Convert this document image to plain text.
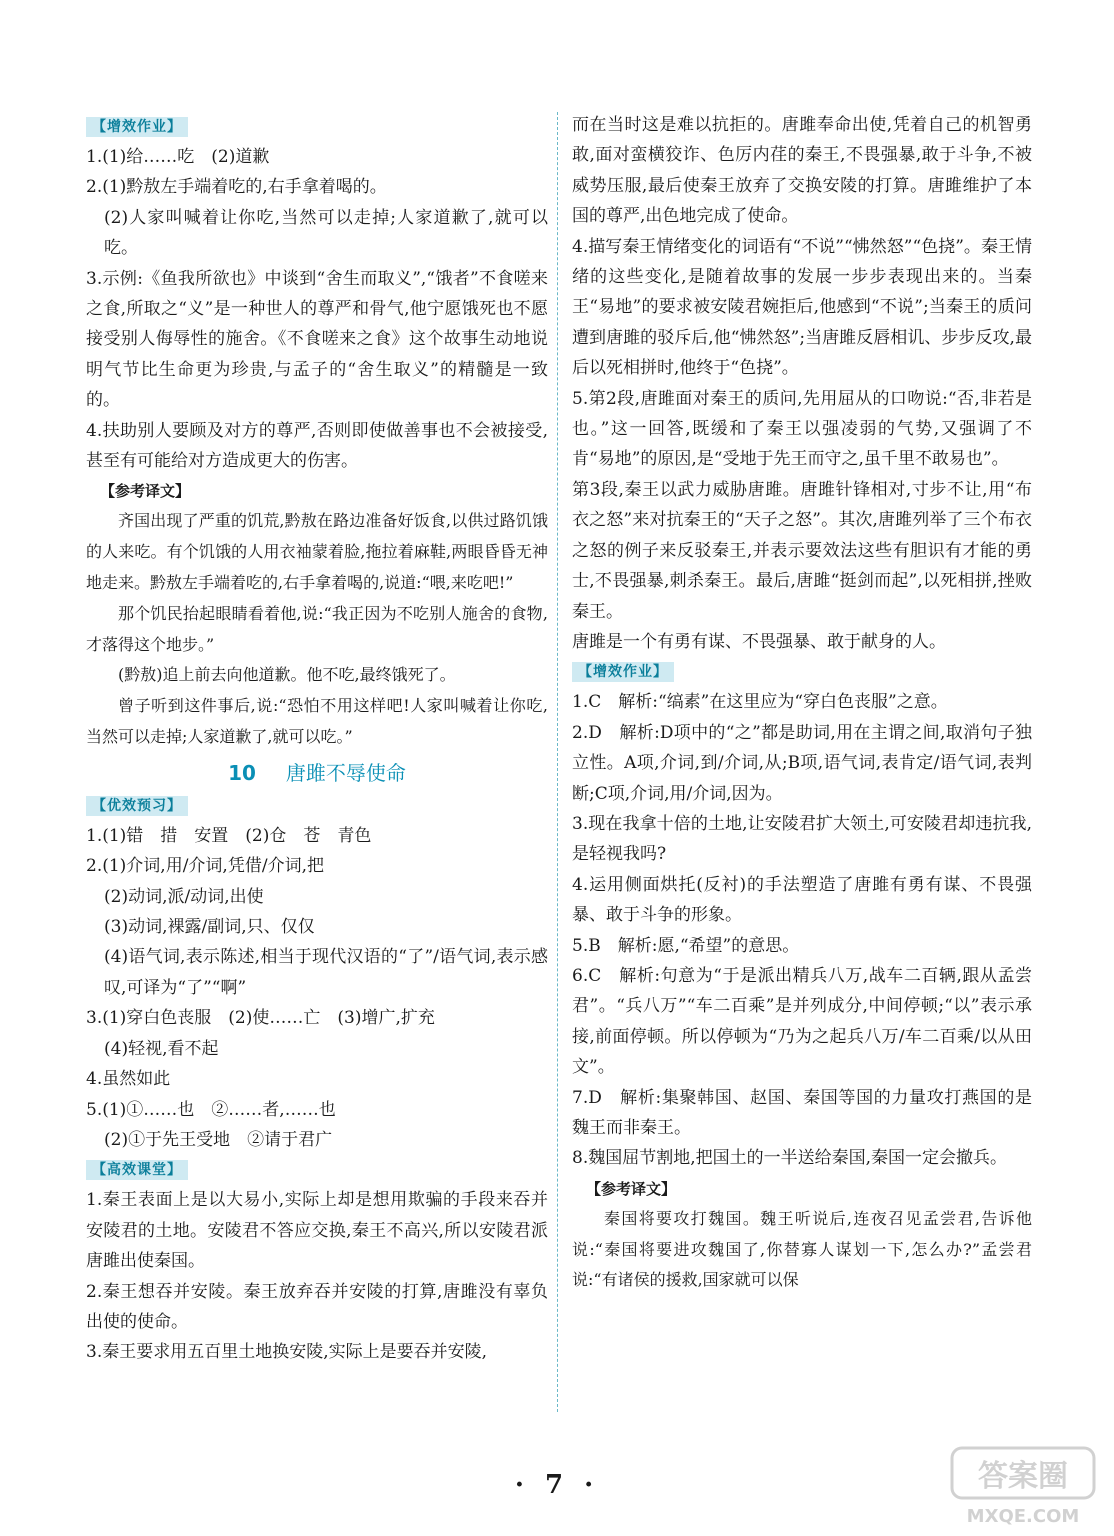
【增效作业】

1.(1)给……吃　(2)道歉

2.(1)黔敖左手端着吃的,右手拿着喝的。

(2)人家叫喊着让你吃,当然可以走掉;人家道歉了,就可以吃。

3.示例:《鱼我所欲也》中谈到“舍生而取义”,“饿者”不食嗟来之食,所取之“义”是一种世人的尊严和骨气,他宁愿饿死也不愿接受别人侮辱性的施舍。《不食嗟来之食》这个故事生动地说明气节比生命更为珍贵,与孟子的“舍生取义”的精髓是一致的。

4.扶助别人要顾及对方的尊严,否则即使做善事也不会被接受,甚至有可能给对方造成更大的伤害。

【参考译文】

齐国出现了严重的饥荒,黔敖在路边准备好饭食,以供过路饥饿的人来吃。有个饥饿的人用衣袖蒙着脸,拖拉着麻鞋,两眼昏昏无神地走来。黔敖左手端着吃的,右手拿着喝的,说道:“喂,来吃吧!”

那个饥民抬起眼睛看着他,说:“我正因为不吃别人施舍的食物,才落得这个地步。”

(黔敖)追上前去向他道歉。他不吃,最终饿死了。

曾子听到这件事后,说:“恐怕不用这样吧!人家叫喊着让你吃,当然可以走掉;人家道歉了,就可以吃。”

10 唐雎不辱使命
【优效预习】

1.(1)错　措　安置　(2)仓　苍　青色

2.(1)介词,用/介词,凭借/介词,把

(2)动词,派/动词,出使

(3)动词,裸露/副词,只、仅仅

(4)语气词,表示陈述,相当于现代汉语的“了”/语气词,表示感叹,可译为“了”“啊”

3.(1)穿白色丧服　(2)使……亡　(3)增广,扩充

(4)轻视,看不起

4.虽然如此

5.(1)①……也　②……者,……也

(2)①于先王受地　②请于君广

【高效课堂】

1.秦王表面上是以大易小,实际上却是想用欺骗的手段来吞并安陵君的土地。安陵君不答应交换,秦王不高兴,所以安陵君派唐雎出使秦国。

2.秦王想吞并安陵。秦王放弃吞并安陵的打算,唐雎没有辜负出使的使命。

3.秦王要求用五百里土地换安陵,实际上是要吞并安陵,

而在当时这是难以抗拒的。唐雎奉命出使,凭着自己的机智勇敢,面对蛮横狡诈、色厉内荏的秦王,不畏强暴,敢于斗争,不被威势压服,最后使秦王放弃了交换安陵的打算。唐雎维护了本国的尊严,出色地完成了使命。

4.描写秦王情绪变化的词语有“不说”“怫然怒”“色挠”。秦王情绪的这些变化,是随着故事的发展一步步表现出来的。当秦王“易地”的要求被安陵君婉拒后,他感到“不说”;当秦王的质问遭到唐雎的驳斥后,他“怫然怒”;当唐雎反唇相讥、步步反攻,最后以死相拼时,他终于“色挠”。

5.第2段,唐雎面对秦王的质问,先用屈从的口吻说:“否,非若是也。”这一回答,既缓和了秦王以强凌弱的气势,又强调了不肯“易地”的原因,是“受地于先王而守之,虽千里不敢易也”。

第3段,秦王以武力威胁唐雎。唐雎针锋相对,寸步不让,用“布衣之怒”来对抗秦王的“天子之怒”。其次,唐雎列举了三个布衣之怒的例子来反驳秦王,并表示要效法这些有胆识有才能的勇士,不畏强暴,刺杀秦王。最后,唐雎“挺剑而起”,以死相拼,挫败秦王。

唐雎是一个有勇有谋、不畏强暴、敢于献身的人。

【增效作业】

1.C　解析:“缟素”在这里应为“穿白色丧服”之意。

2.D　解析:D项中的“之”都是助词,用在主谓之间,取消句子独立性。A项,介词,到/介词,从;B项,语气词,表肯定/语气词,表判断;C项,介词,用/介词,因为。

3.现在我拿十倍的土地,让安陵君扩大领土,可安陵君却违抗我,是轻视我吗?

4.运用侧面烘托(反衬)的手法塑造了唐雎有勇有谋、不畏强暴、敢于斗争的形象。

5.B　解析:愿,“希望”的意思。

6.C　解析:句意为“于是派出精兵八万,战车二百辆,跟从孟尝君”。“兵八万”“车二百乘”是并列成分,中间停顿;“以”表示承接,前面停顿。所以停顿为“乃为之起兵八万/车二百乘/以从田文”。

7.D　解析:集聚韩国、赵国、秦国等国的力量攻打燕国的是魏王而非秦王。

8.魏国屈节割地,把国土的一半送给秦国,秦国一定会撤兵。

【参考译文】

秦国将要攻打魏国。魏王听说后,连夜召见孟尝君,告诉他说:“秦国将要进攻魏国了,你替寡人谋划一下,怎么办?”孟尝君说:“有诸侯的援救,国家就可以保

· 7 ·	答案圈
MXQE.COM
